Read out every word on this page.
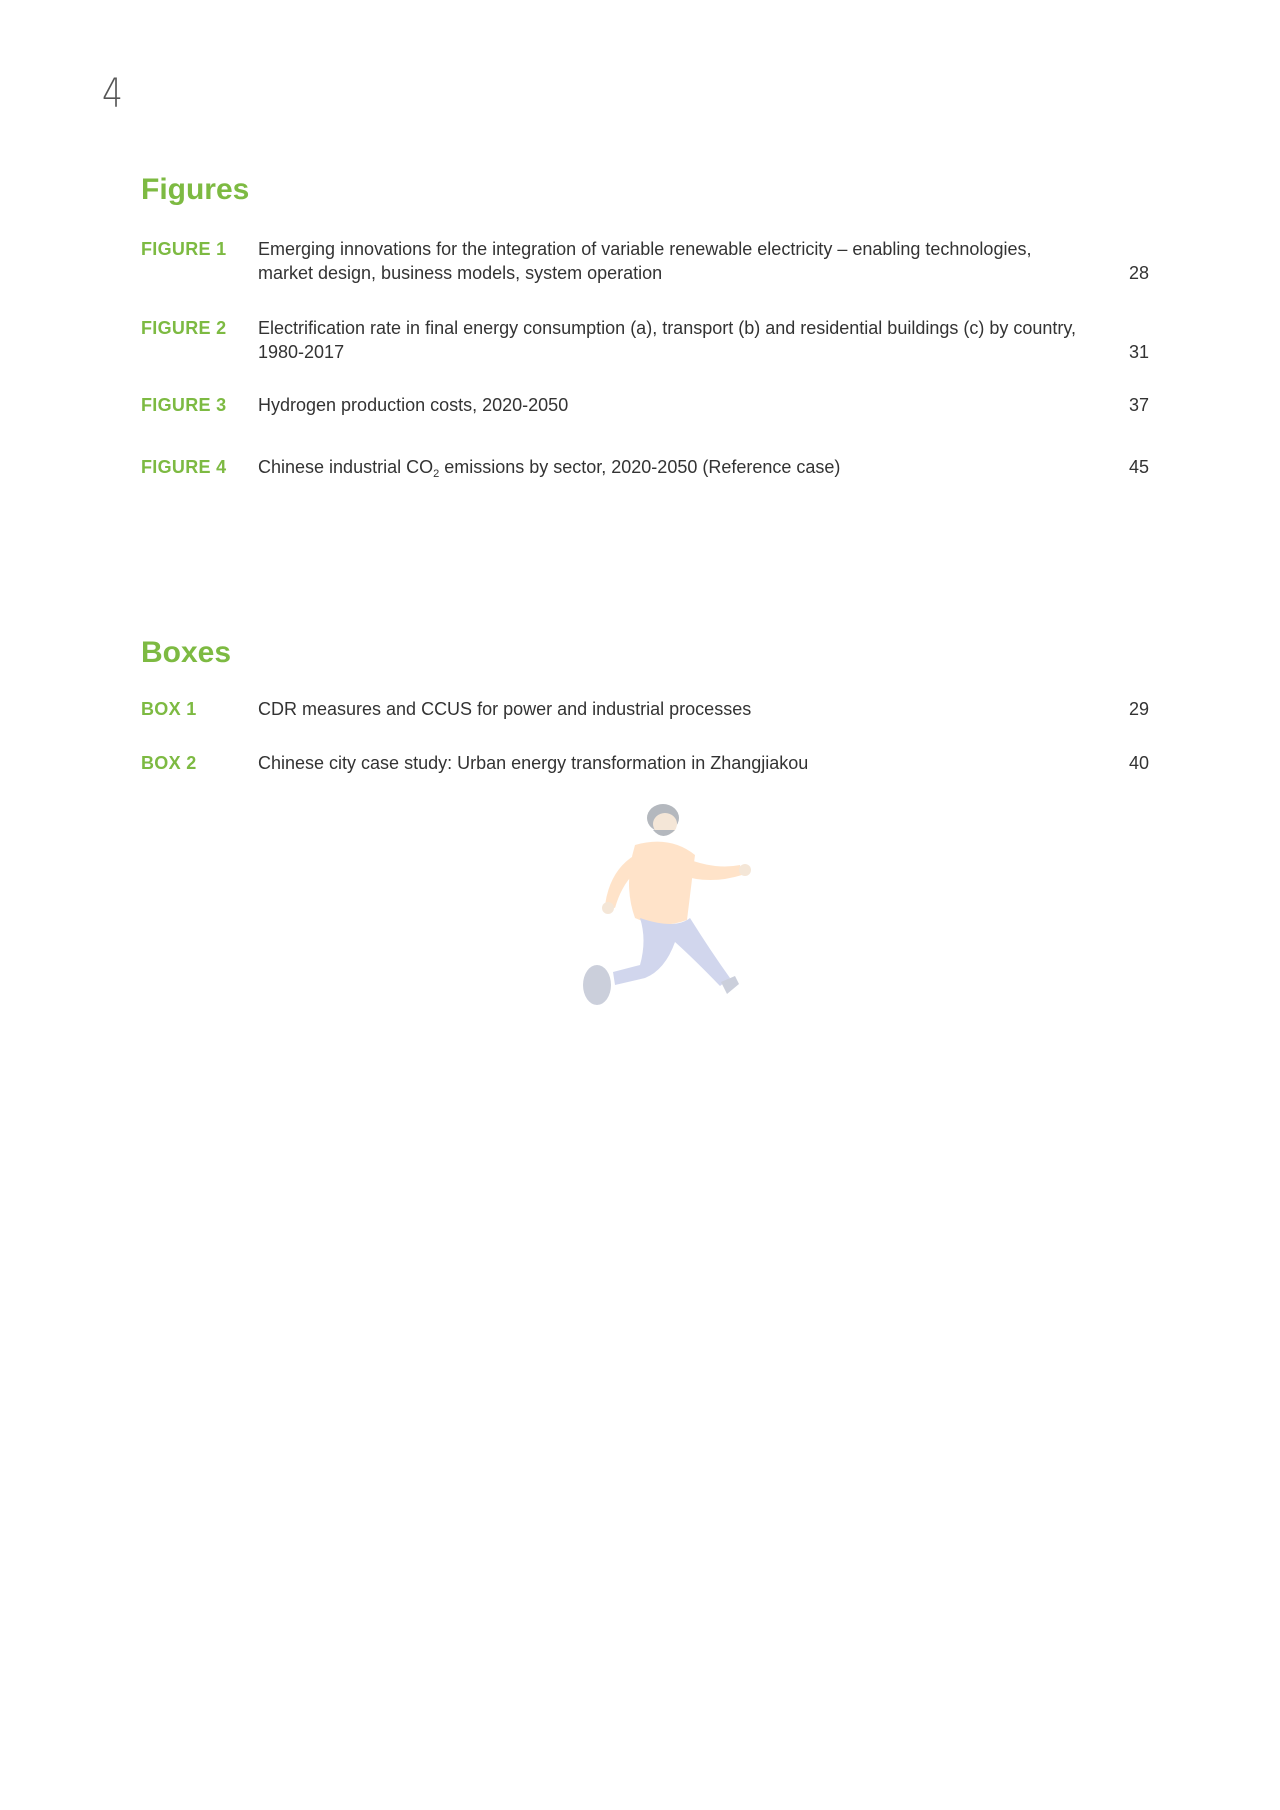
4
Figures
FIGURE 1 Emerging innovations for the integration of variable renewable electricity – enabling technologies, market design, business models, system operation	28
FIGURE 2 Electrification rate in final energy consumption (a), transport (b) and residential buildings (c) by country, 1980-2017	31
FIGURE 3 Hydrogen production costs, 2020-2050	37
FIGURE 4 Chinese industrial $CO_2$ emissions by sector, 2020-2050 (Reference case)	45
Boxes
BOX 1	CDR measures and CCUS for power and industrial processes	29
BOX 2	Chinese city case study: Urban energy transformation in Zhangjiakou	40
